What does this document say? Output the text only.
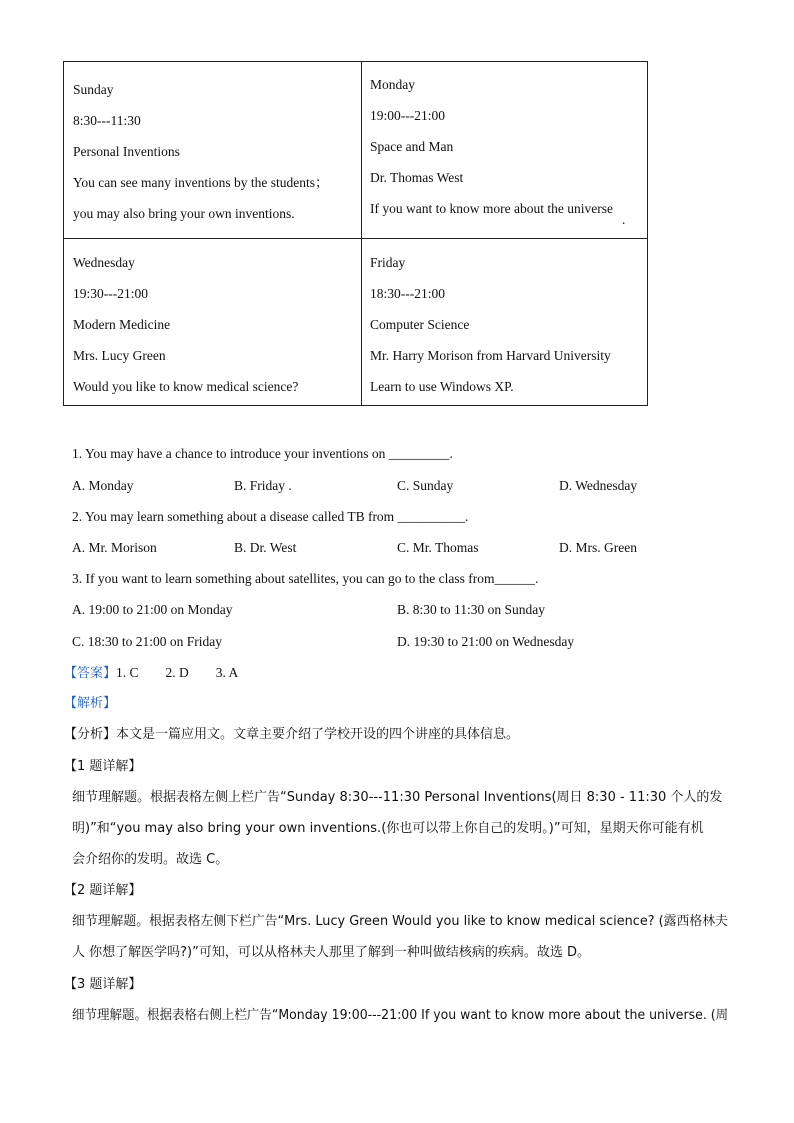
Sunday
8:30---11:30
Personal Inventions
You can see many inventions by the students；
you may also bring your own inventions.
Monday
19:00---21:00
Space and Man
Dr. Thomas West
If you want to know more about the universe
.
Wednesday
19:30---21:00
Modern Medicine
Mrs. Lucy Green
Would you like to know medical science?
Friday
18:30---21:00
Computer Science
Mr. Harry Morison from Harvard University
Learn to use Windows XP.
1. You may have a chance to introduce your inventions on _________.
A. Monday	B. Friday .	C. Sunday	D. Wednesday
2. You may learn something about a disease called TB from __________.
A. Mr. Morison	B. Dr. West	C. Mr. Thomas	D. Mrs. Green
3. If you want to learn something about satellites, you can go to the class from______.
A. 19:00 to 21:00 on Monday	B. 8:30 to 11:30 on Sunday
C. 18:30 to 21:00 on Friday	D. 19:30 to 21:00 on Wednesday
【答案】1. C        2. D        3. A
【解析】
【分析】本文是一篇应用文。文章主要介绍了学校开设的四个讲座的具体信息。
【1 题详解】
细节理解题。根据表格左侧上栏广告“Sunday 8:30---11:30 Personal Inventions(周日 8:30 - 11:30 个人的发
明)”和“you may also bring your own inventions.(你也可以带上你自己的发明。)”可知，星期天你可能有机
会介绍你的发明。故选 C。
【2 题详解】
细节理解题。根据表格左侧下栏广告“Mrs. Lucy Green Would you like to know medical science? (露西格林夫
人 你想了解医学吗?)”可知，可以从格林夫人那里了解到一种叫做结核病的疾病。故选 D。
【3 题详解】
细节理解题。根据表格右侧上栏广告“Monday 19:00---21:00 If you want to know more about the universe. (周
